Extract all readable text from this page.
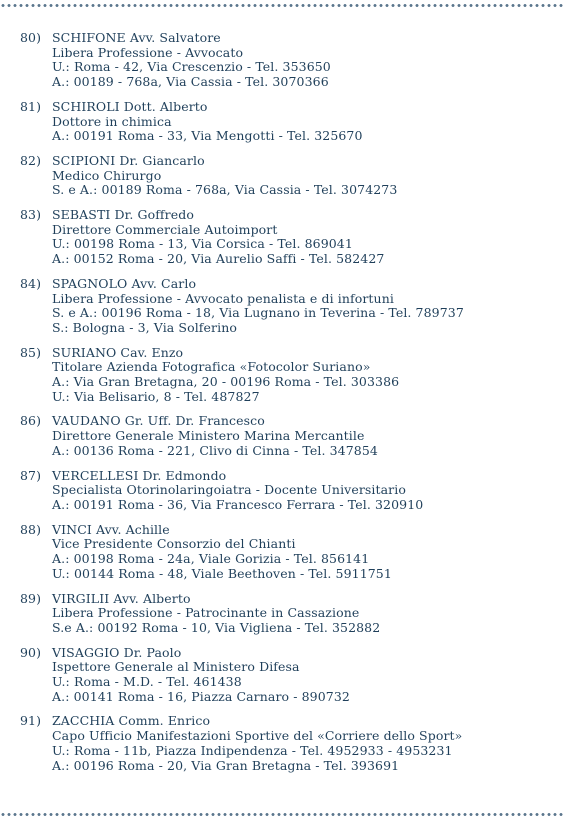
80) SCHIFONE Avv. Salvatore
Libera Professione - Avvocato
U.: Roma - 42, Via Crescenzio - Tel. 353650
A.: 00189 - 768a, Via Cassia - Tel. 3070366
81) SCHIROLI Dott. Alberto
Dottore in chimica
A.: 00191 Roma - 33, Via Mengotti - Tel. 325670
82) SCIPIONI Dr. Giancarlo
Medico Chirurgo
S. e A.: 00189 Roma - 768a, Via Cassia - Tel. 3074273
83) SEBASTI Dr. Goffredo
Direttore Commerciale Autoimport
U.: 00198 Roma - 13, Via Corsica - Tel. 869041
A.: 00152 Roma - 20, Via Aurelio Saffi - Tel. 582427
84) SPAGNOLO Avv. Carlo
Libera Professione - Avvocato penalista e di infortuni
S. e A.: 00196 Roma - 18, Via Lugnano in Teverina - Tel. 789737
S.: Bologna - 3, Via Solferino
85) SURIANO Cav. Enzo
Titolare Azienda Fotografica «Fotocolor Suriano»
A.: Via Gran Bretagna, 20 - 00196 Roma - Tel. 303386
U.: Via Belisario, 8 - Tel. 487827
86) VAUDANO Gr. Uff. Dr. Francesco
Direttore Generale Ministero Marina Mercantile
A.: 00136 Roma - 221, Clivo di Cinna - Tel. 347854
87) VERCELLESI Dr. Edmondo
Specialista Otorinolaringoiatra - Docente Universitario
A.: 00191 Roma - 36, Via Francesco Ferrara - Tel. 320910
88) VINCI Avv. Achille
Vice Presidente Consorzio del Chianti
A.: 00198 Roma - 24a, Viale Gorizia - Tel. 856141
U.: 00144 Roma - 48, Viale Beethoven - Tel. 5911751
89) VIRGILII Avv. Alberto
Libera Professione - Patrocinante in Cassazione
S.e A.: 00192 Roma - 10, Via Vigliena - Tel. 352882
90) VISAGGIO Dr. Paolo
Ispettore Generale al Ministero Difesa
U.: Roma - M.D. - Tel. 461438
A.: 00141 Roma - 16, Piazza Carnaro - 890732
91) ZACCHIA Comm. Enrico
Capo Ufficio Manifestazioni Sportive del «Corriere dello Sport»
U.: Roma - 11b, Piazza Indipendenza - Tel. 4952933 - 4953231
A.: 00196 Roma - 20, Via Gran Bretagna - Tel. 393691
